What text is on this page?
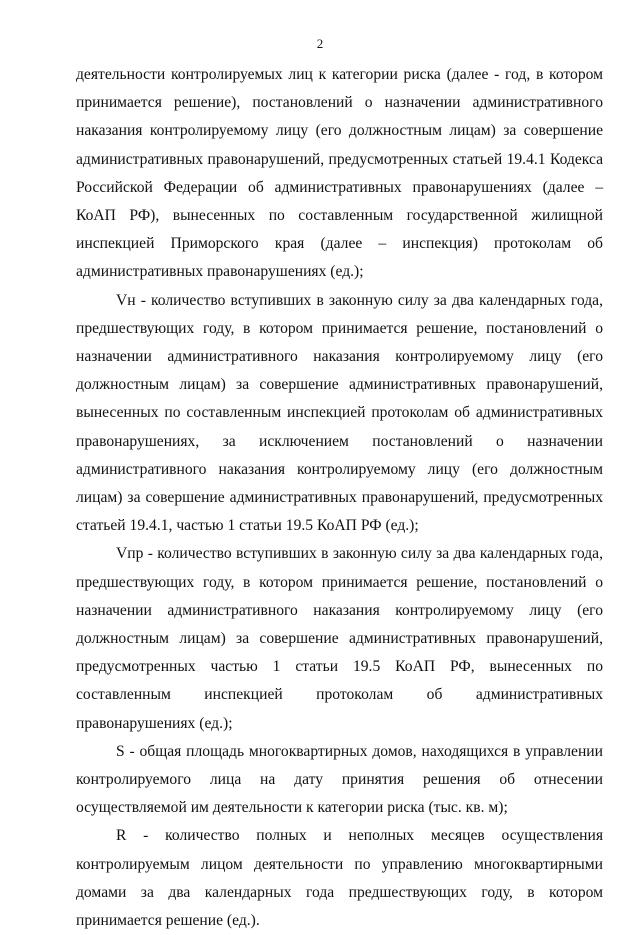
2

деятельности контролируемых лиц к категории риска (далее - год, в котором принимается решение), постановлений о назначении административного наказания контролируемому лицу (его должностным лицам) за совершение административных правонарушений, предусмотренных статьей 19.4.1 Кодекса Российской Федерации об административных правонарушениях (далее – КоАП РФ), вынесенных по составленным государственной жилищной инспекцией Приморского края (далее – инспекция) протоколам об административных правонарушениях (ед.);

Vн - количество вступивших в законную силу за два календарных года, предшествующих году, в котором принимается решение, постановлений о назначении административного наказания контролируемому лицу (его должностным лицам) за совершение административных правонарушений, вынесенных по составленным инспекцией протоколам об административных правонарушениях, за исключением постановлений о назначении административного наказания контролируемому лицу (его должностным лицам) за совершение административных правонарушений, предусмотренных статьей 19.4.1, частью 1 статьи 19.5 КоАП РФ (ед.);

Vпр - количество вступивших в законную силу за два календарных года, предшествующих году, в котором принимается решение, постановлений о назначении административного наказания контролируемому лицу (его должностным лицам) за совершение административных правонарушений, предусмотренных частью 1 статьи 19.5 КоАП РФ, вынесенных по составленным инспекцией протоколам об административных правонарушениях (ед.);

S - общая площадь многоквартирных домов, находящихся в управлении контролируемого лица на дату принятия решения об отнесении осуществляемой им деятельности к категории риска (тыс. кв. м);

R - количество полных и неполных месяцев осуществления контролируемым лицом деятельности по управлению многоквартирными домами за два календарных года предшествующих году, в котором принимается решение (ед.).
